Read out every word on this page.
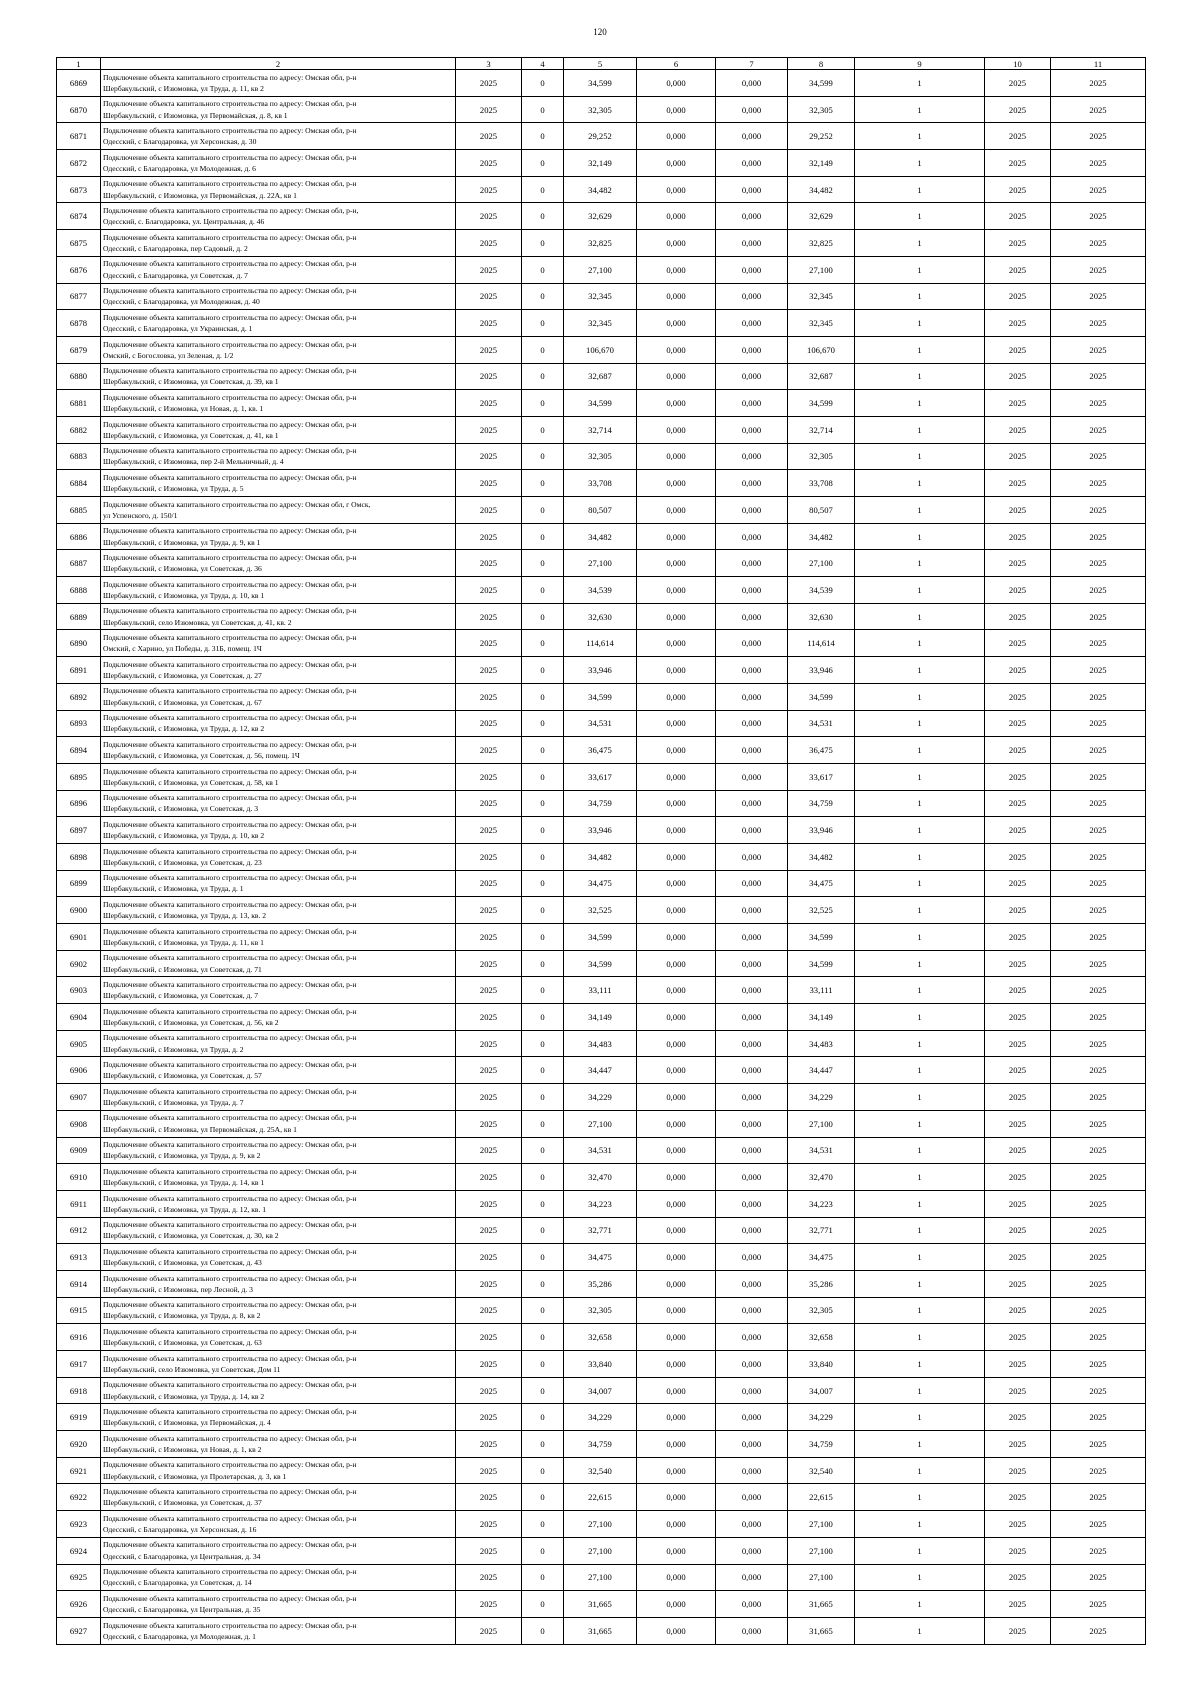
120
1	2	3	4	5	6	7	8	9	10	11
6869	Подключение объекта капитального строительства по адресу: Омская обл, р-н
Шербакульский, с Изюмовка, ул Труда, д. 11, кв 2	2025	0	34,599	0,000	0,000	34,599	1	2025	2025
6870	Подключение объекта капитального строительства по адресу: Омская обл, р-н
Шербакульский, с Изюмовка, ул Первомайская, д. 8, кв 1	2025	0	32,305	0,000	0,000	32,305	1	2025	2025
6871	Подключение объекта капитального строительства по адресу: Омская обл, р-н
Одесский, с Благодаровка, ул Херсонская, д. 30	2025	0	29,252	0,000	0,000	29,252	1	2025	2025
6872	Подключение объекта капитального строительства по адресу: Омская обл, р-н
Одесский, с Благодаровка, ул Молодежная, д. 6	2025	0	32,149	0,000	0,000	32,149	1	2025	2025
6873	Подключение объекта капитального строительства по адресу: Омская обл, р-н
Шербакульский, с Изюмовка, ул Первомайская, д. 22А, кв 1	2025	0	34,482	0,000	0,000	34,482	1	2025	2025
6874	Подключение объекта капитального строительства по адресу: Омская обл, р-н,
Одесский, с. Благодаровка, ул. Центральная, д. 46	2025	0	32,629	0,000	0,000	32,629	1	2025	2025
6875	Подключение объекта капитального строительства по адресу: Омская обл, р-н
Одесский, с Благодаровка, пер Садовый, д. 2	2025	0	32,825	0,000	0,000	32,825	1	2025	2025
6876	Подключение объекта капитального строительства по адресу: Омская обл, р-н
Одесский, с Благодаровка, ул Советская, д. 7	2025	0	27,100	0,000	0,000	27,100	1	2025	2025
6877	Подключение объекта капитального строительства по адресу: Омская обл, р-н
Одесский, с Благодаровка, ул Молодежная, д. 40	2025	0	32,345	0,000	0,000	32,345	1	2025	2025
6878	Подключение объекта капитального строительства по адресу: Омская обл, р-н
Одесский, с Благодаровка, ул Украинская, д. 1	2025	0	32,345	0,000	0,000	32,345	1	2025	2025
6879	Подключение объекта капитального строительства по адресу: Омская обл, р-н
Омский, с Богословка, ул Зеленая, д. 1/2	2025	0	106,670	0,000	0,000	106,670	1	2025	2025
6880	Подключение объекта капитального строительства по адресу: Омская обл, р-н
Шербакульский, с Изюмовка, ул Советская, д. 39, кв 1	2025	0	32,687	0,000	0,000	32,687	1	2025	2025
6881	Подключение объекта капитального строительства по адресу: Омская обл, р-н
Шербакульский, с Изюмовка, ул Новая, д. 1, кв. 1	2025	0	34,599	0,000	0,000	34,599	1	2025	2025
6882	Подключение объекта капитального строительства по адресу: Омская обл, р-н
Шербакульский, с Изюмовка, ул Советская, д. 41, кв 1	2025	0	32,714	0,000	0,000	32,714	1	2025	2025
6883	Подключение объекта капитального строительства по адресу: Омская обл, р-н
Шербакульский, с Изюмовка, пер 2-й Мельничный, д. 4	2025	0	32,305	0,000	0,000	32,305	1	2025	2025
6884	Подключение объекта капитального строительства по адресу: Омская обл, р-н
Шербакульский, с Изюмовка, ул Труда, д. 5	2025	0	33,708	0,000	0,000	33,708	1	2025	2025
6885	Подключение объекта капитального строительства по адресу: Омская обл, г Омск,
ул Успенского, д. 150/1	2025	0	80,507	0,000	0,000	80,507	1	2025	2025
6886	Подключение объекта капитального строительства по адресу: Омская обл, р-н
Шербакульский, с Изюмовка, ул Труда, д. 9, кв 1	2025	0	34,482	0,000	0,000	34,482	1	2025	2025
6887	Подключение объекта капитального строительства по адресу: Омская обл, р-н
Шербакульский, с Изюмовка, ул Советская, д. 36	2025	0	27,100	0,000	0,000	27,100	1	2025	2025
6888	Подключение объекта капитального строительства по адресу: Омская обл, р-н
Шербакульский, с Изюмовка, ул Труда, д. 10, кв 1	2025	0	34,539	0,000	0,000	34,539	1	2025	2025
6889	Подключение объекта капитального строительства по адресу: Омская обл, р-н
Шербакульский, село Изюмовка, ул Советская, д. 41, кв. 2	2025	0	32,630	0,000	0,000	32,630	1	2025	2025
6890	Подключение объекта капитального строительства по адресу: Омская обл, р-н
Омский, с Харино, ул Победы, д. 31Б, помещ. 1Ч	2025	0	114,614	0,000	0,000	114,614	1	2025	2025
6891	Подключение объекта капитального строительства по адресу: Омская обл, р-н
Шербакульский, с Изюмовка, ул Советская, д. 27	2025	0	33,946	0,000	0,000	33,946	1	2025	2025
6892	Подключение объекта капитального строительства по адресу: Омская обл, р-н
Шербакульский, с Изюмовка, ул Советская, д. 67	2025	0	34,599	0,000	0,000	34,599	1	2025	2025
6893	Подключение объекта капитального строительства по адресу: Омская обл, р-н
Шербакульский, с Изюмовка, ул Труда, д. 12, кв 2	2025	0	34,531	0,000	0,000	34,531	1	2025	2025
6894	Подключение объекта капитального строительства по адресу: Омская обл, р-н
Шербакульский, с Изюмовка, ул Советская, д. 56, помещ. 1Ч	2025	0	36,475	0,000	0,000	36,475	1	2025	2025
6895	Подключение объекта капитального строительства по адресу: Омская обл, р-н
Шербакульский, с Изюмовка, ул Советская, д. 58, кв 1	2025	0	33,617	0,000	0,000	33,617	1	2025	2025
6896	Подключение объекта капитального строительства по адресу: Омская обл, р-н
Шербакульский, с Изюмовка, ул Советская, д. 3	2025	0	34,759	0,000	0,000	34,759	1	2025	2025
6897	Подключение объекта капитального строительства по адресу: Омская обл, р-н
Шербакульский, с Изюмовка, ул Труда, д. 10, кв 2	2025	0	33,946	0,000	0,000	33,946	1	2025	2025
6898	Подключение объекта капитального строительства по адресу: Омская обл, р-н
Шербакульский, с Изюмовка, ул Советская, д. 23	2025	0	34,482	0,000	0,000	34,482	1	2025	2025
6899	Подключение объекта капитального строительства по адресу: Омская обл, р-н
Шербакульский, с Изюмовка, ул Труда, д. 1	2025	0	34,475	0,000	0,000	34,475	1	2025	2025
6900	Подключение объекта капитального строительства по адресу: Омская обл, р-н
Шербакульский, с Изюмовка, ул Труда, д. 13, кв. 2	2025	0	32,525	0,000	0,000	32,525	1	2025	2025
6901	Подключение объекта капитального строительства по адресу: Омская обл, р-н
Шербакульский, с Изюмовка, ул Труда, д. 11, кв 1	2025	0	34,599	0,000	0,000	34,599	1	2025	2025
6902	Подключение объекта капитального строительства по адресу: Омская обл, р-н
Шербакульский, с Изюмовка, ул Советская, д. 71	2025	0	34,599	0,000	0,000	34,599	1	2025	2025
6903	Подключение объекта капитального строительства по адресу: Омская обл, р-н
Шербакульский, с Изюмовка, ул Советская, д. 7	2025	0	33,111	0,000	0,000	33,111	1	2025	2025
6904	Подключение объекта капитального строительства по адресу: Омская обл, р-н
Шербакульский, с Изюмовка, ул Советская, д. 56, кв 2	2025	0	34,149	0,000	0,000	34,149	1	2025	2025
6905	Подключение объекта капитального строительства по адресу: Омская обл, р-н
Шербакульский, с Изюмовка, ул Труда, д. 2	2025	0	34,483	0,000	0,000	34,483	1	2025	2025
6906	Подключение объекта капитального строительства по адресу: Омская обл, р-н
Шербакульский, с Изюмовка, ул Советская, д. 57	2025	0	34,447	0,000	0,000	34,447	1	2025	2025
6907	Подключение объекта капитального строительства по адресу: Омская обл, р-н
Шербакульский, с Изюмовка, ул Труда, д. 7	2025	0	34,229	0,000	0,000	34,229	1	2025	2025
6908	Подключение объекта капитального строительства по адресу: Омская обл, р-н
Шербакульский, с Изюмовка, ул Первомайская, д. 25А, кв 1	2025	0	27,100	0,000	0,000	27,100	1	2025	2025
6909	Подключение объекта капитального строительства по адресу: Омская обл, р-н
Шербакульский, с Изюмовка, ул Труда, д. 9, кв 2	2025	0	34,531	0,000	0,000	34,531	1	2025	2025
6910	Подключение объекта капитального строительства по адресу: Омская обл, р-н
Шербакульский, с Изюмовка, ул Труда, д. 14, кв 1	2025	0	32,470	0,000	0,000	32,470	1	2025	2025
6911	Подключение объекта капитального строительства по адресу: Омская обл, р-н
Шербакульский, с Изюмовка, ул Труда, д. 12, кв. 1	2025	0	34,223	0,000	0,000	34,223	1	2025	2025
6912	Подключение объекта капитального строительства по адресу: Омская обл, р-н
Шербакульский, с Изюмовка, ул Советская, д. 30, кв 2	2025	0	32,771	0,000	0,000	32,771	1	2025	2025
6913	Подключение объекта капитального строительства по адресу: Омская обл, р-н
Шербакульский, с Изюмовка, ул Советская, д. 43	2025	0	34,475	0,000	0,000	34,475	1	2025	2025
6914	Подключение объекта капитального строительства по адресу: Омская обл, р-н
Шербакульский, с Изюмовка, пер Лесной, д. 3	2025	0	35,286	0,000	0,000	35,286	1	2025	2025
6915	Подключение объекта капитального строительства по адресу: Омская обл, р-н
Шербакульский, с Изюмовка, ул Труда, д. 8, кв 2	2025	0	32,305	0,000	0,000	32,305	1	2025	2025
6916	Подключение объекта капитального строительства по адресу: Омская обл, р-н
Шербакульский, с Изюмовка, ул Советская, д. 63	2025	0	32,658	0,000	0,000	32,658	1	2025	2025
6917	Подключение объекта капитального строительства по адресу: Омская обл, р-н
Шербакульский, село Изюмовка, ул Советская, Дом 11	2025	0	33,840	0,000	0,000	33,840	1	2025	2025
6918	Подключение объекта капитального строительства по адресу: Омская обл, р-н
Шербакульский, с Изюмовка, ул Труда, д. 14, кв 2	2025	0	34,007	0,000	0,000	34,007	1	2025	2025
6919	Подключение объекта капитального строительства по адресу: Омская обл, р-н
Шербакульский, с Изюмовка, ул Первомайская, д. 4	2025	0	34,229	0,000	0,000	34,229	1	2025	2025
6920	Подключение объекта капитального строительства по адресу: Омская обл, р-н
Шербакульский, с Изюмовка, ул Новая, д. 1, кв 2	2025	0	34,759	0,000	0,000	34,759	1	2025	2025
6921	Подключение объекта капитального строительства по адресу: Омская обл, р-н
Шербакульский, с Изюмовка, ул Пролетарская, д. 3, кв 1	2025	0	32,540	0,000	0,000	32,540	1	2025	2025
6922	Подключение объекта капитального строительства по адресу: Омская обл, р-н
Шербакульский, с Изюмовка, ул Советская, д. 37	2025	0	22,615	0,000	0,000	22,615	1	2025	2025
6923	Подключение объекта капитального строительства по адресу: Омская обл, р-н
Одесский, с Благодаровка, ул Херсонская, д. 16	2025	0	27,100	0,000	0,000	27,100	1	2025	2025
6924	Подключение объекта капитального строительства по адресу: Омская обл, р-н
Одесский, с Благодаровка, ул Центральная, д. 34	2025	0	27,100	0,000	0,000	27,100	1	2025	2025
6925	Подключение объекта капитального строительства по адресу: Омская обл, р-н
Одесский, с Благодаровка, ул Советская, д. 14	2025	0	27,100	0,000	0,000	27,100	1	2025	2025
6926	Подключение объекта капитального строительства по адресу: Омская обл, р-н
Одесский, с Благодаровка, ул Центральная, д. 35	2025	0	31,665	0,000	0,000	31,665	1	2025	2025
6927	Подключение объекта капитального строительства по адресу: Омская обл, р-н
Одесский, с Благодаровка, ул Молодежная, д. 1	2025	0	31,665	0,000	0,000	31,665	1	2025	2025
